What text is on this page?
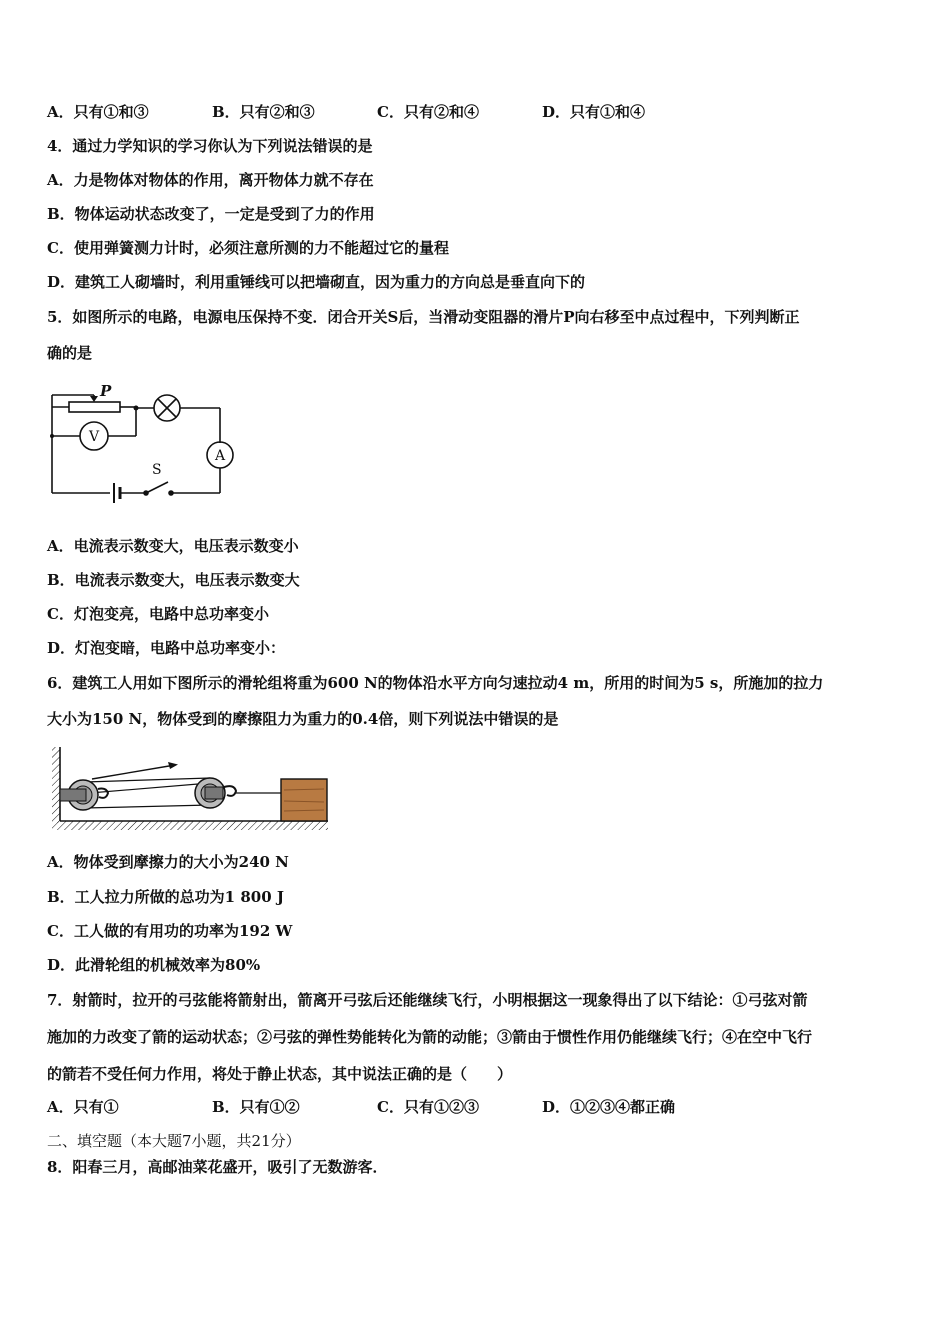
A．只有①和③	B．只有②和③	C．只有②和④	D．只有①和④
4．通过力学知识的学习你认为下列说法错误的是
A．力是物体对物体的作用，离开物体力就不存在
B．物体运动状态改变了，一定是受到了力的作用
C．使用弹簧测力计时，必须注意所测的力不能超过它的量程
D．建筑工人砌墙时，利用重锤线可以把墙砌直，因为重力的方向总是垂直向下的
5．如图所示的电路，电源电压保持不变．闭合开关S后，当滑动变阻器的滑片P向右移至中点过程中，下列判断正
确的是
P
V
A
S
A．电流表示数变大，电压表示数变小
B．电流表示数变大，电压表示数变大
C．灯泡变亮，电路中总功率变小
D．灯泡变暗，电路中总功率变小：
6．建筑工人用如下图所示的滑轮组将重为600 N的物体沿水平方向匀速拉动4 m，所用的时间为5 s，所施加的拉力
大小为150 N，物体受到的摩擦阻力为重力的0.4倍，则下列说法中错误的是
A．物体受到摩擦力的大小为240 N
B．工人拉力所做的总功为1 800 J
C．工人做的有用功的功率为192 W
D．此滑轮组的机械效率为80%
7．射箭时，拉开的弓弦能将箭射出，箭离开弓弦后还能继续飞行，小明根据这一现象得出了以下结论：①弓弦对箭
施加的力改变了箭的运动状态；②弓弦的弹性势能转化为箭的动能；③箭由于惯性作用仍能继续飞行；④在空中飞行
的箭若不受任何力作用，将处于静止状态，其中说法正确的是（　　）
A．只有①	B．只有①②	C．只有①②③	D．①②③④都正确
二、填空题（本大题7小题，共21分）
8．阳春三月，高邮油菜花盛开，吸引了无数游客．
